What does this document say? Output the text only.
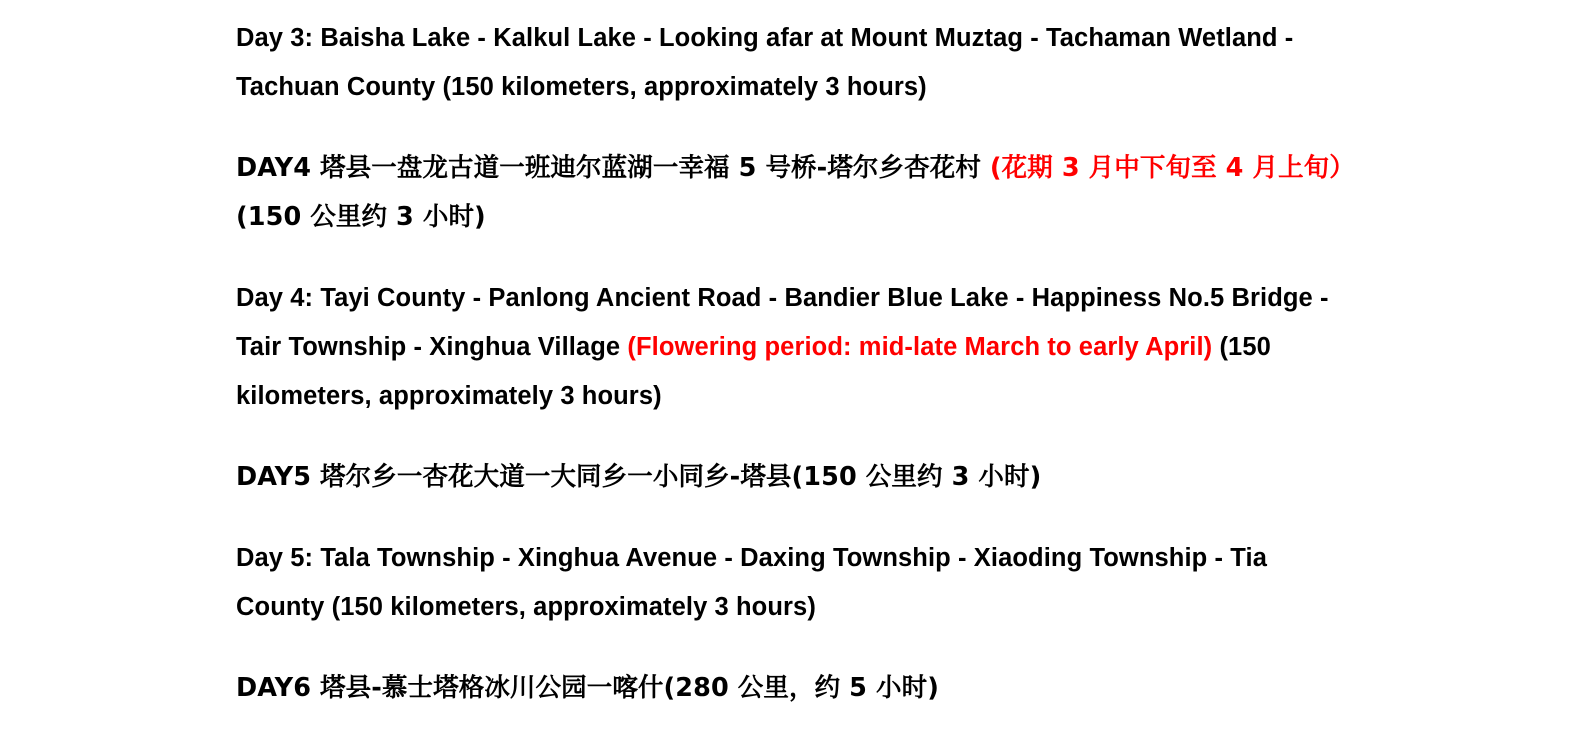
Day 3: Baisha Lake - Kalkul Lake - Looking afar at Mount Muztag - Tachaman Wetland - Tachuan County (150 kilometers, approximately 3 hours)

DAY4 塔县一盘龙古道一班迪尔蓝湖一幸福 5 号桥-塔尔乡杏花村 (花期 3 月中下旬至 4 月上旬） (150 公里约 3 小时)

Day 4: Tayi County - Panlong Ancient Road - Bandier Blue Lake - Happiness No.5 Bridge - Tair Township - Xinghua Village (Flowering period: mid-late March to early April) (150 kilometers, approximately 3 hours)

DAY5 塔尔乡一杏花大道一大同乡一小同乡-塔县(150 公里约 3 小时)

Day 5: Tala Township - Xinghua Avenue - Daxing Township - Xiaoding Township - Tia County (150 kilometers, approximately 3 hours)

DAY6 塔县-慕士塔格冰川公园一喀什(280 公里，约 5 小时)
